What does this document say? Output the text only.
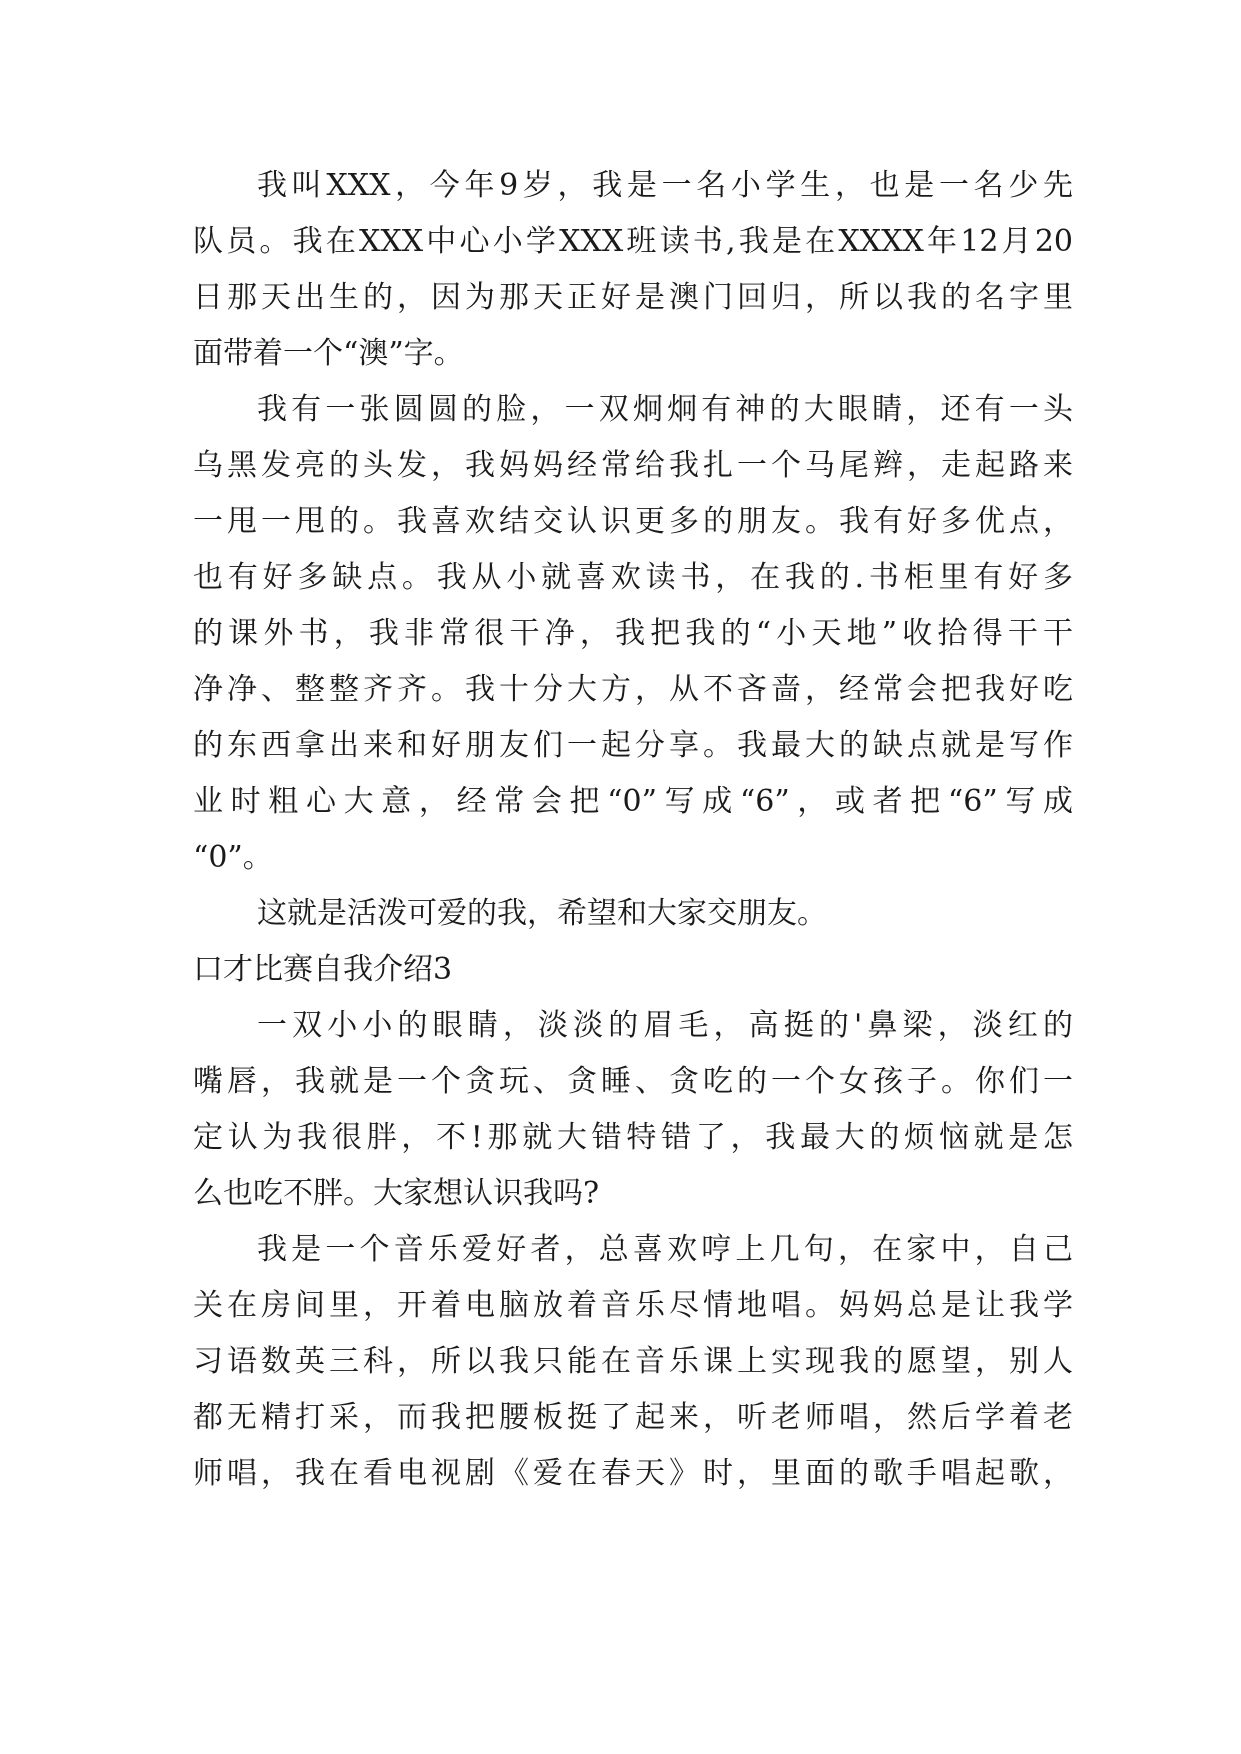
我叫XXX，今年9岁，我是一名小学生，也是一名少先
队员。我在XXX中心小学XXX班读书,我是在XXXX年12月20
日那天出生的，因为那天正好是澳门回归，所以我的名字里
面带着一个“澳”字。
我有一张圆圆的脸，一双炯炯有神的大眼睛，还有一头
乌黑发亮的头发，我妈妈经常给我扎一个马尾辫，走起路来
一甩一甩的。我喜欢结交认识更多的朋友。我有好多优点，
也有好多缺点。我从小就喜欢读书，在我的.书柜里有好多
的课外书，我非常很干净，我把我的“小天地”收拾得干干
净净、整整齐齐。我十分大方，从不吝啬，经常会把我好吃
的东西拿出来和好朋友们一起分享。我最大的缺点就是写作
业时粗心大意，经常会把“0”写成“6”，或者把“6”写成
“0”。
这就是活泼可爱的我，希望和大家交朋友。
口才比赛自我介绍3
一双小小的眼睛，淡淡的眉毛，高挺的'鼻梁，淡红的
嘴唇，我就是一个贪玩、贪睡、贪吃的一个女孩子。你们一
定认为我很胖，不!那就大错特错了，我最大的烦恼就是怎
么也吃不胖。大家想认识我吗?
我是一个音乐爱好者，总喜欢哼上几句，在家中，自己
关在房间里，开着电脑放着音乐尽情地唱。妈妈总是让我学
习语数英三科，所以我只能在音乐课上实现我的愿望，别人
都无精打采，而我把腰板挺了起来，听老师唱，然后学着老
师唱，我在看电视剧《爱在春天》时，里面的歌手唱起歌，
